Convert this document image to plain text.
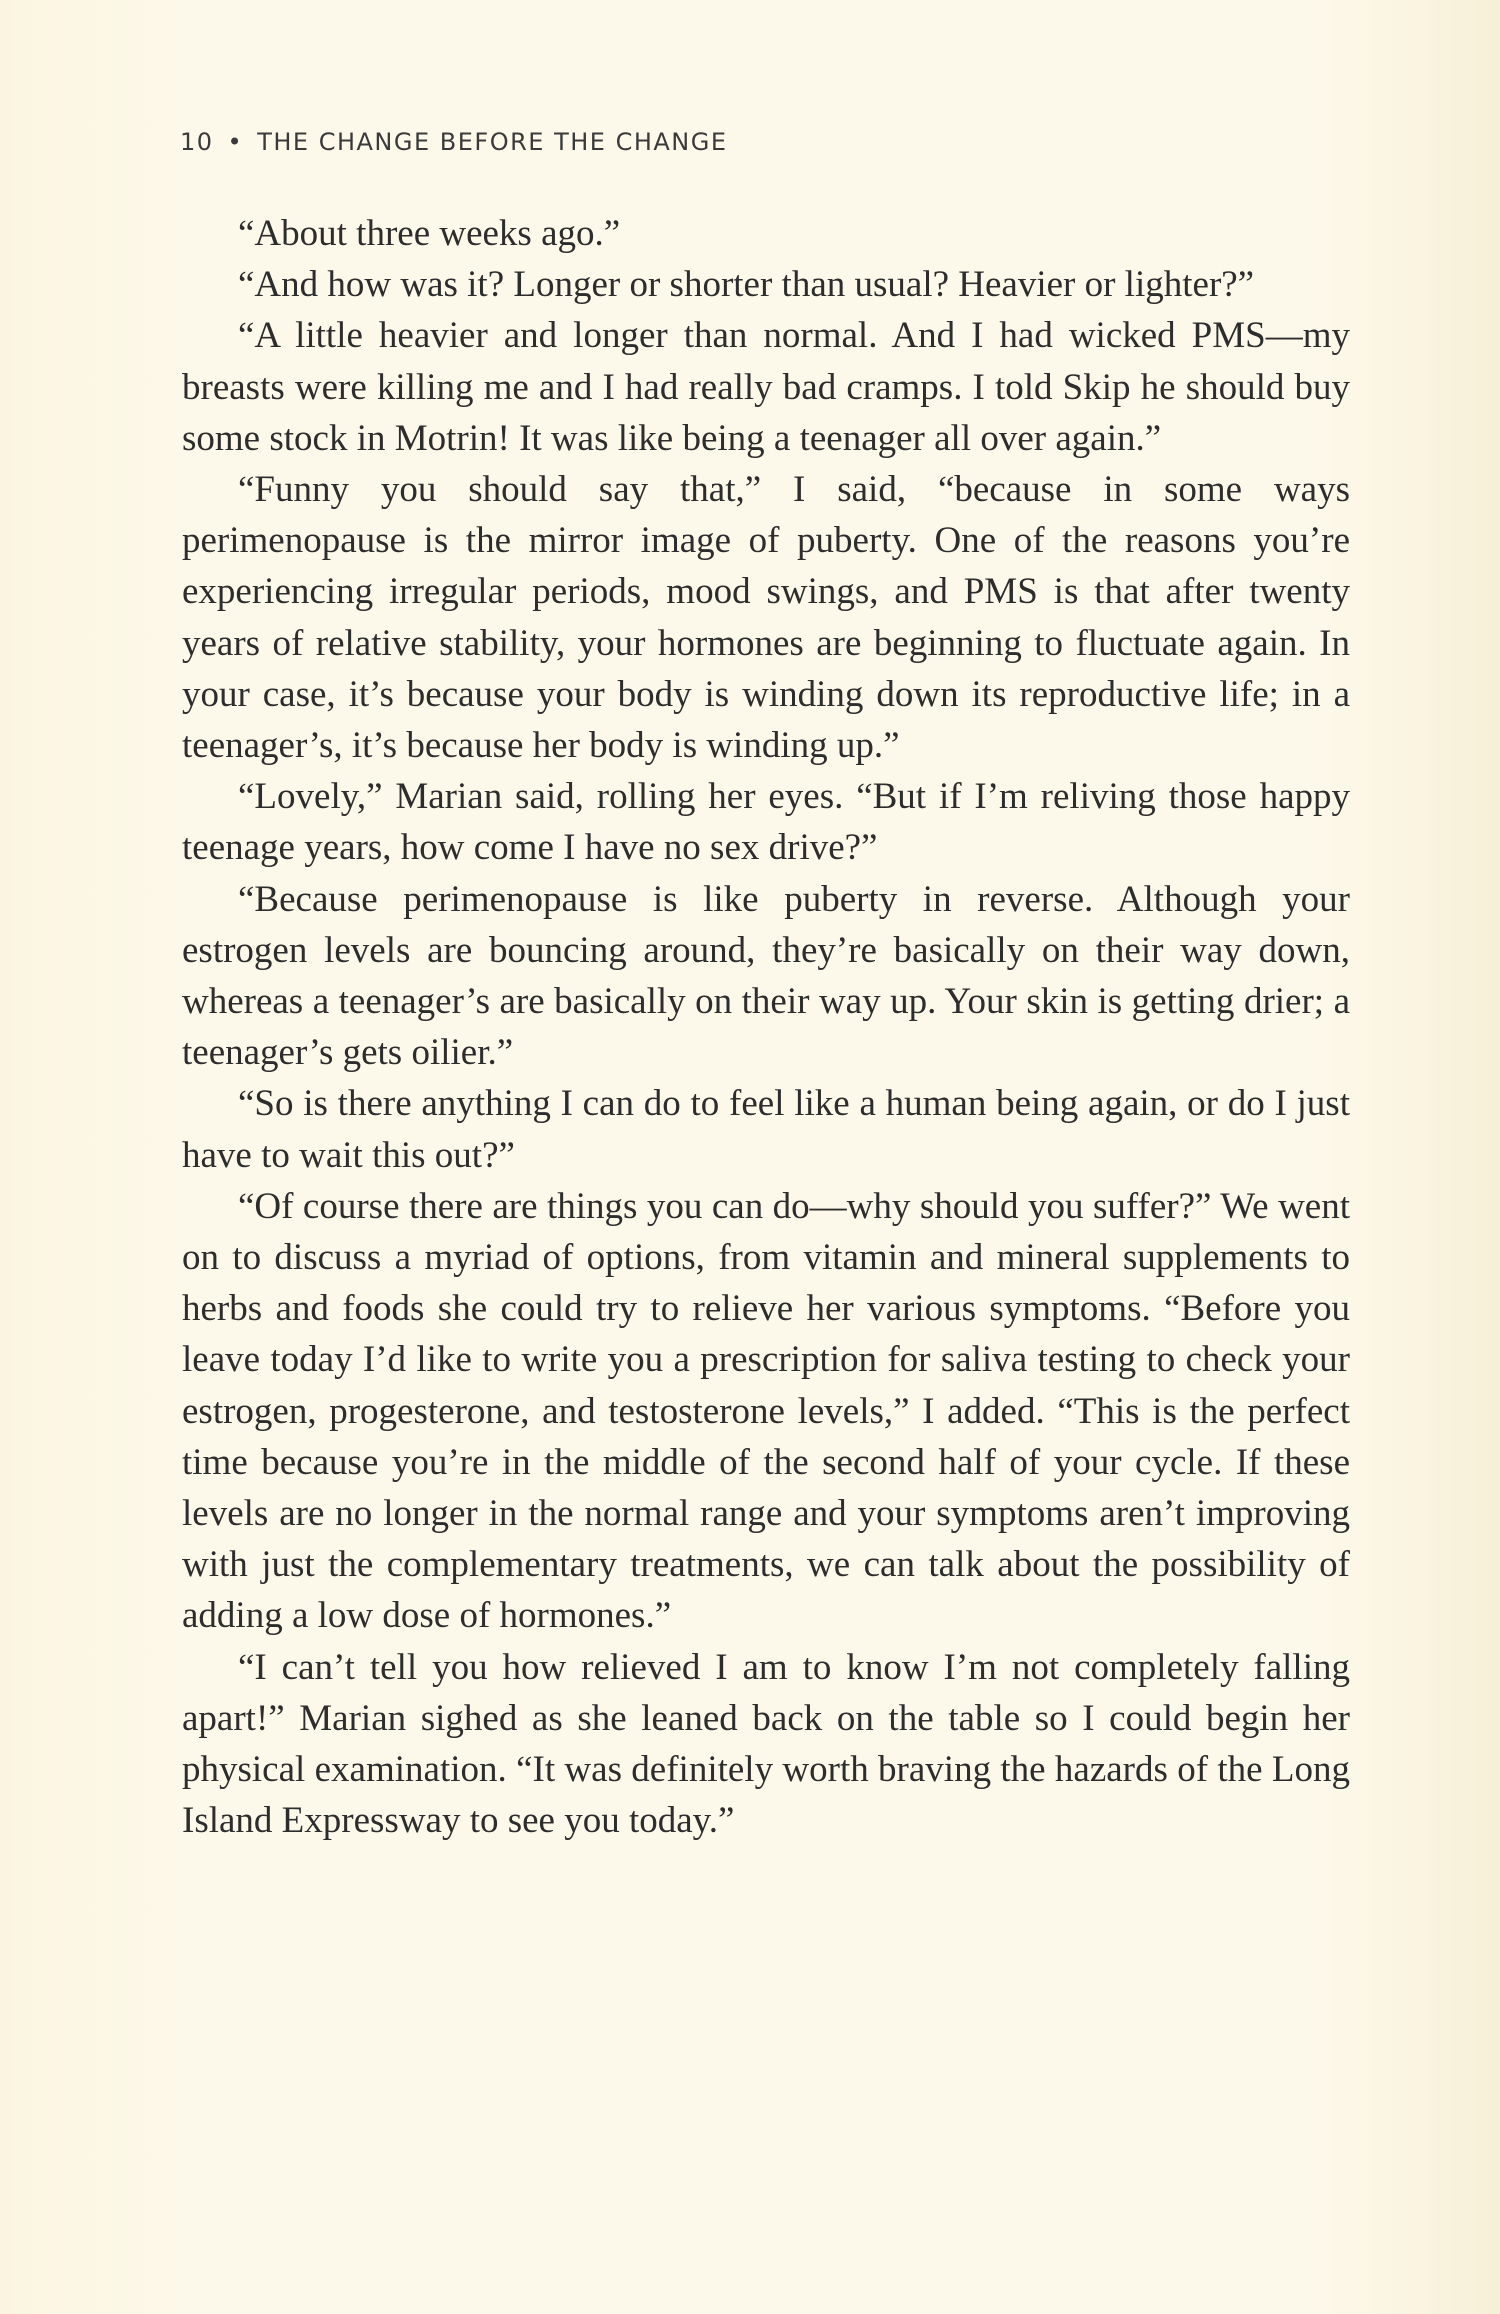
10 • THE CHANGE BEFORE THE CHANGE

“About three weeks ago.”

“And how was it? Longer or shorter than usual? Heavier or lighter?”

“A little heavier and longer than normal. And I had wicked PMS—my breasts were killing me and I had really bad cramps. I told Skip he should buy some stock in Motrin! It was like being a teenager all over again.”

“Funny you should say that,” I said, “because in some ways perimenopause is the mirror image of puberty. One of the reasons you’re experiencing irregular periods, mood swings, and PMS is that after twenty years of relative stability, your hormones are beginning to fluctuate again. In your case, it’s because your body is winding down its reproductive life; in a teenager’s, it’s because her body is winding up.”

“Lovely,” Marian said, rolling her eyes. “But if I’m reliving those happy teenage years, how come I have no sex drive?”

“Because perimenopause is like puberty in reverse. Although your estrogen levels are bouncing around, they’re basically on their way down, whereas a teenager’s are basically on their way up. Your skin is getting drier; a teenager’s gets oilier.”

“So is there anything I can do to feel like a human being again, or do I just have to wait this out?”

“Of course there are things you can do—why should you suffer?” We went on to discuss a myriad of options, from vitamin and mineral supplements to herbs and foods she could try to relieve her various symptoms. “Before you leave today I’d like to write you a prescription for saliva testing to check your estrogen, progesterone, and testosterone levels,” I added. “This is the perfect time because you’re in the middle of the second half of your cycle. If these levels are no longer in the normal range and your symptoms aren’t improving with just the complementary treatments, we can talk about the possibility of adding a low dose of hormones.”

“I can’t tell you how relieved I am to know I’m not completely falling apart!” Marian sighed as she leaned back on the table so I could begin her physical examination. “It was definitely worth braving the hazards of the Long Island Expressway to see you today.”
